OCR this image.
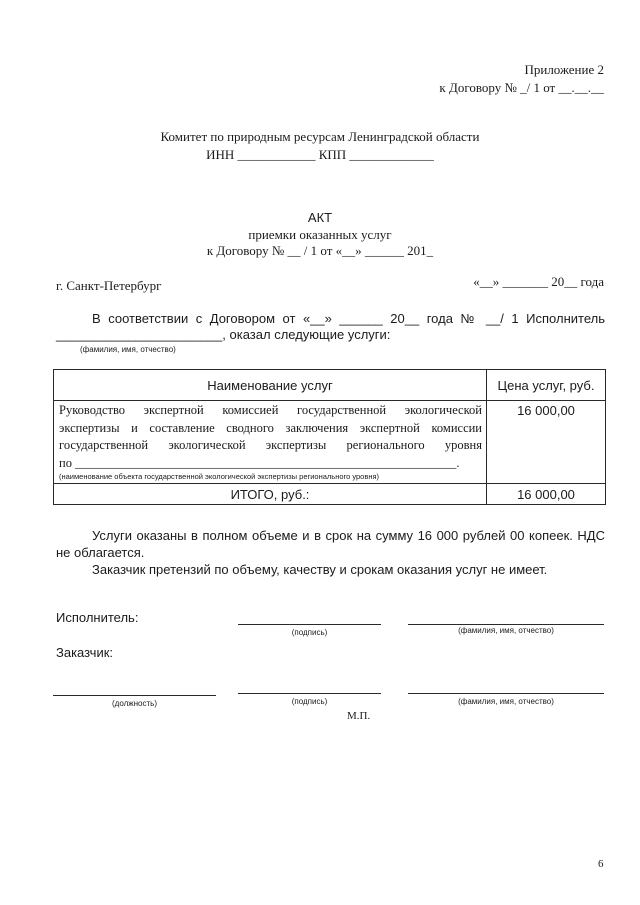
Приложение 2
к Договору № _/ 1 от __.__.__
Комитет по природным ресурсам Ленинградской области
ИНН ____________ КПП _____________
АКТ
приемки оказанных услуг
к Договору № __ / 1 от «__» ______ 201_
г. Санкт-Петербург	«__» _______ 20__ года
В соответствии с Договором от «__» ______ 20__ года № __/ 1 Исполнитель
_______________________, оказал следующие услуги:
(фамилия, имя, отчество)
Наименование услуг	Цена услуг, руб.

Руководство экспертной комиссией государственной экологической
экспертизы и составление сводного заключения экспертной комиссии
государственной экологической экспертизы регионального уровня
по _____________________________________________________________.
(наименование объекта государственной экологической экспертизы регионального уровня)	16 000,00
ИТОГО, руб.:	16 000,00
Услуги оказаны в полном объеме и в срок на сумму 16 000 рублей 00 копеек. НДС
не облагается.
Заказчик претензий по объему, качеству и срокам оказания услуг не имеет.
Исполнитель:
(подпись)	(фамилия, имя, отчество)
Заказчик:
(должность)	(подпись)	(фамилия, имя, отчество)
М.П.
6
